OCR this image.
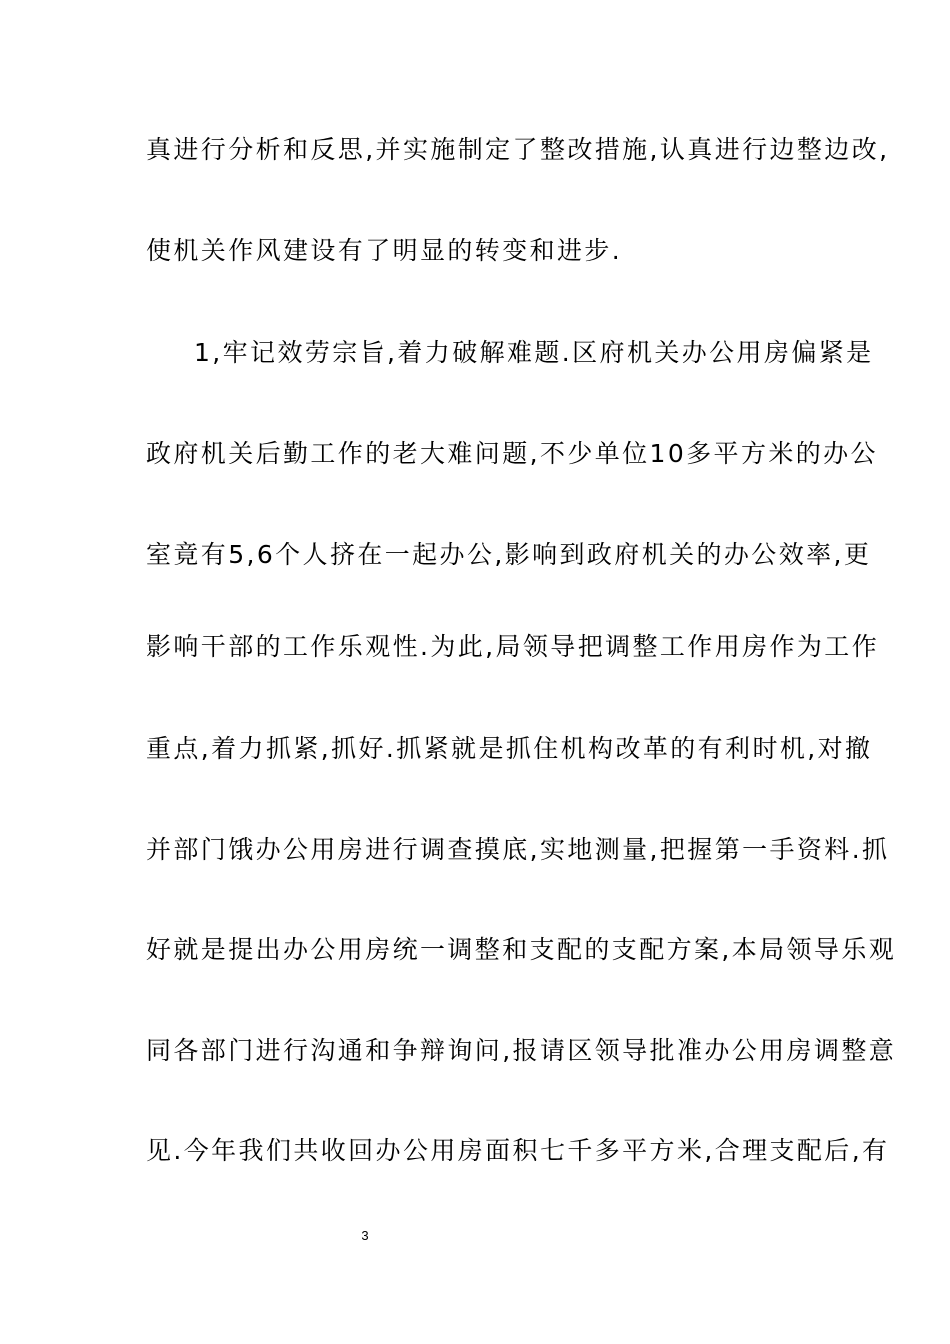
真进行分析和反思,并实施制定了整改措施,认真进行边整边改,
使机关作风建设有了明显的转变和进步.
1,牢记效劳宗旨,着力破解难题.区府机关办公用房偏紧是
政府机关后勤工作的老大难问题,不少单位10多平方米的办公
室竟有5,6个人挤在一起办公,影响到政府机关的办公效率,更
影响干部的工作乐观性.为此,局领导把调整工作用房作为工作
重点,着力抓紧,抓好.抓紧就是抓住机构改革的有利时机,对撤
并部门饿办公用房进行调查摸底,实地测量,把握第一手资料.抓
好就是提出办公用房统一调整和支配的支配方案,本局领导乐观
同各部门进行沟通和争辩询问,报请区领导批准办公用房调整意
见.今年我们共收回办公用房面积七千多平方米,合理支配后,有
3
